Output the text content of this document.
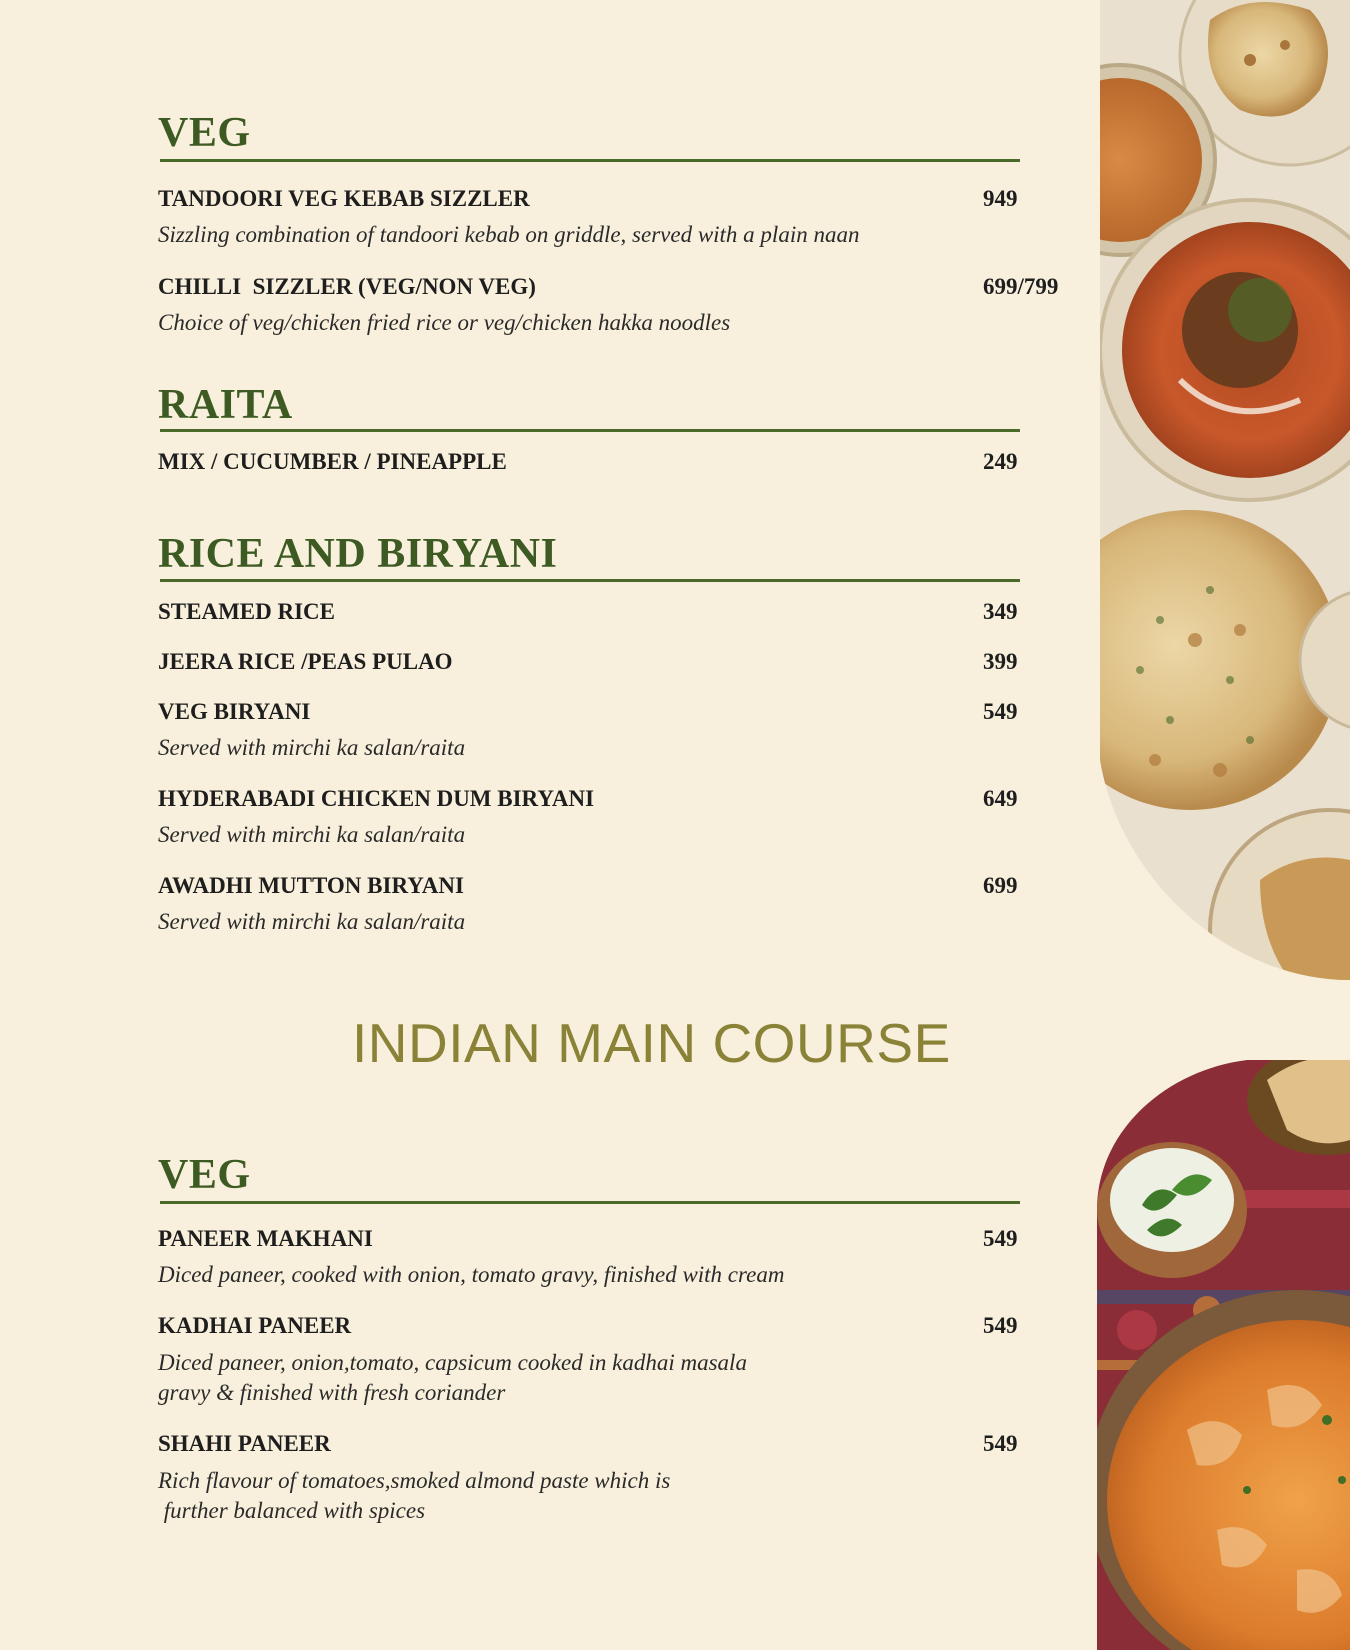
VEG
TANDOORI VEG KEBAB SIZZLER	949
Sizzling combination of tandoori kebab on griddle, served with a plain naan
CHILLI  SIZZLER (VEG/NON VEG)	699/799
Choice of veg/chicken fried rice or veg/chicken hakka noodles
RAITA
MIX / CUCUMBER / PINEAPPLE	249
RICE AND BIRYANI
STEAMED RICE	349
JEERA RICE /PEAS PULAO	399
VEG BIRYANI	549
Served with mirchi ka salan/raita
HYDERABADI CHICKEN DUM BIRYANI	649
Served with mirchi ka salan/raita
AWADHI MUTTON BIRYANI	699
Served with mirchi ka salan/raita
INDIAN MAIN COURSE
VEG
PANEER MAKHANI	549
Diced paneer, cooked with onion, tomato gravy, finished with cream
KADHAI PANEER	549
Diced paneer, onion,tomato, capsicum cooked in kadhai masala
gravy & finished with fresh coriander
SHAHI PANEER	549
Rich flavour of tomatoes,smoked almond paste which is
further balanced with spices
